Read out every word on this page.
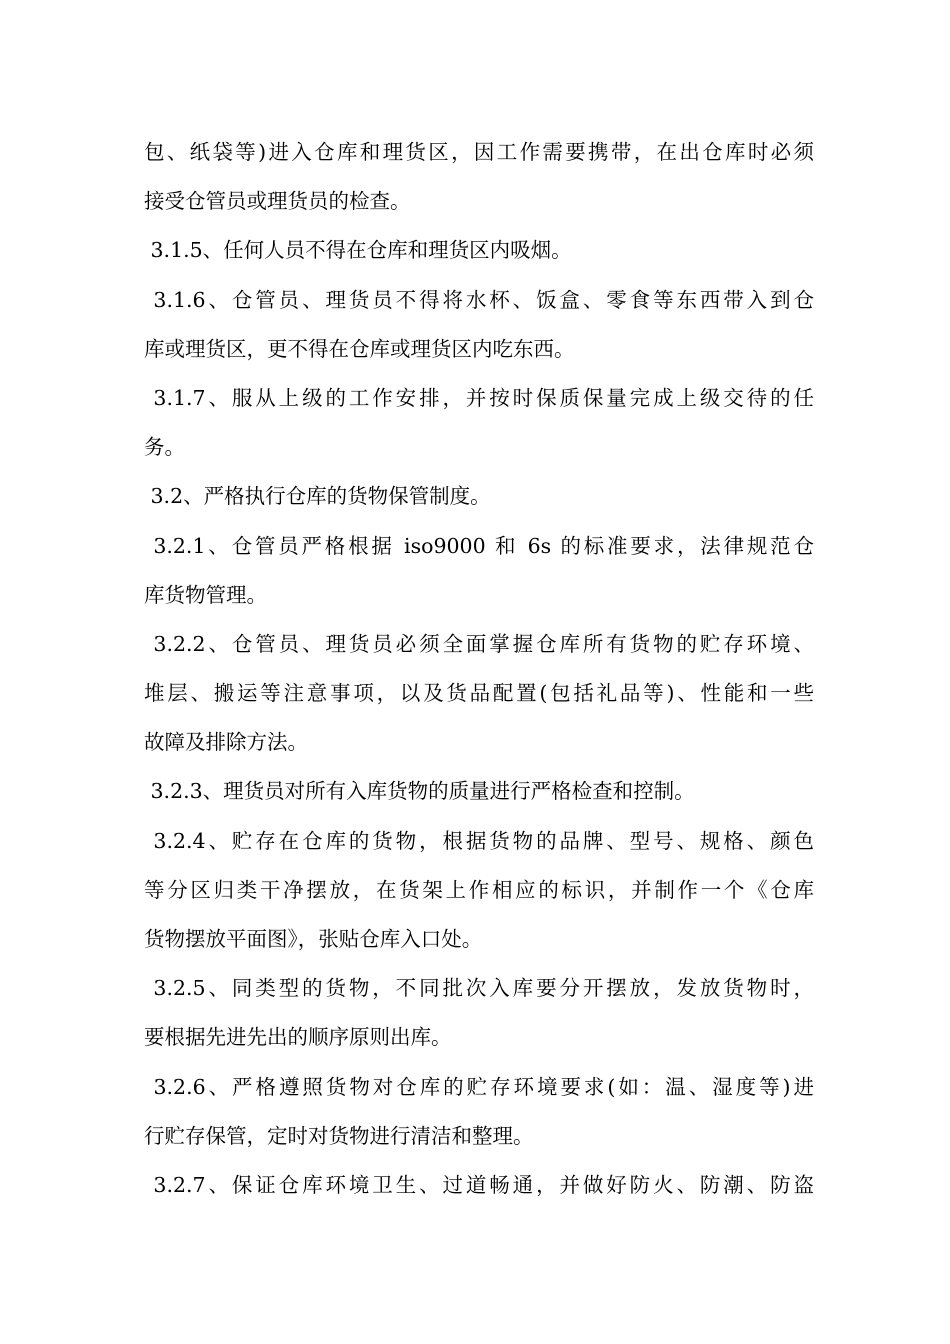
包、纸袋等)进入仓库和理货区，因工作需要携带，在出仓库时必须
接受仓管员或理货员的检查。
3.1.5、任何人员不得在仓库和理货区内吸烟。
3.1.6、仓管员、理货员不得将水杯、饭盒、零食等东西带入到仓
库或理货区，更不得在仓库或理货区内吃东西。
3.1.7、服从上级的工作安排，并按时保质保量完成上级交待的任
务。
3.2、严格执行仓库的货物保管制度。
3.2.1、仓管员严格根据 iso9000 和 6s 的标准要求，法律规范仓
库货物管理。
3.2.2、仓管员、理货员必须全面掌握仓库所有货物的贮存环境、
堆层、搬运等注意事项，以及货品配置(包括礼品等)、性能和一些
故障及排除方法。
3.2.3、理货员对所有入库货物的质量进行严格检查和控制。
3.2.4、贮存在仓库的货物，根据货物的品牌、型号、规格、颜色
等分区归类干净摆放，在货架上作相应的标识，并制作一个《仓库
货物摆放平面图》，张贴仓库入口处。
3.2.5、同类型的货物，不同批次入库要分开摆放，发放货物时，
要根据先进先出的顺序原则出库。
3.2.6、严格遵照货物对仓库的贮存环境要求(如：温、湿度等)进
行贮存保管，定时对货物进行清洁和整理。
3.2.7、保证仓库环境卫生、过道畅通，并做好防火、防潮、防盗
